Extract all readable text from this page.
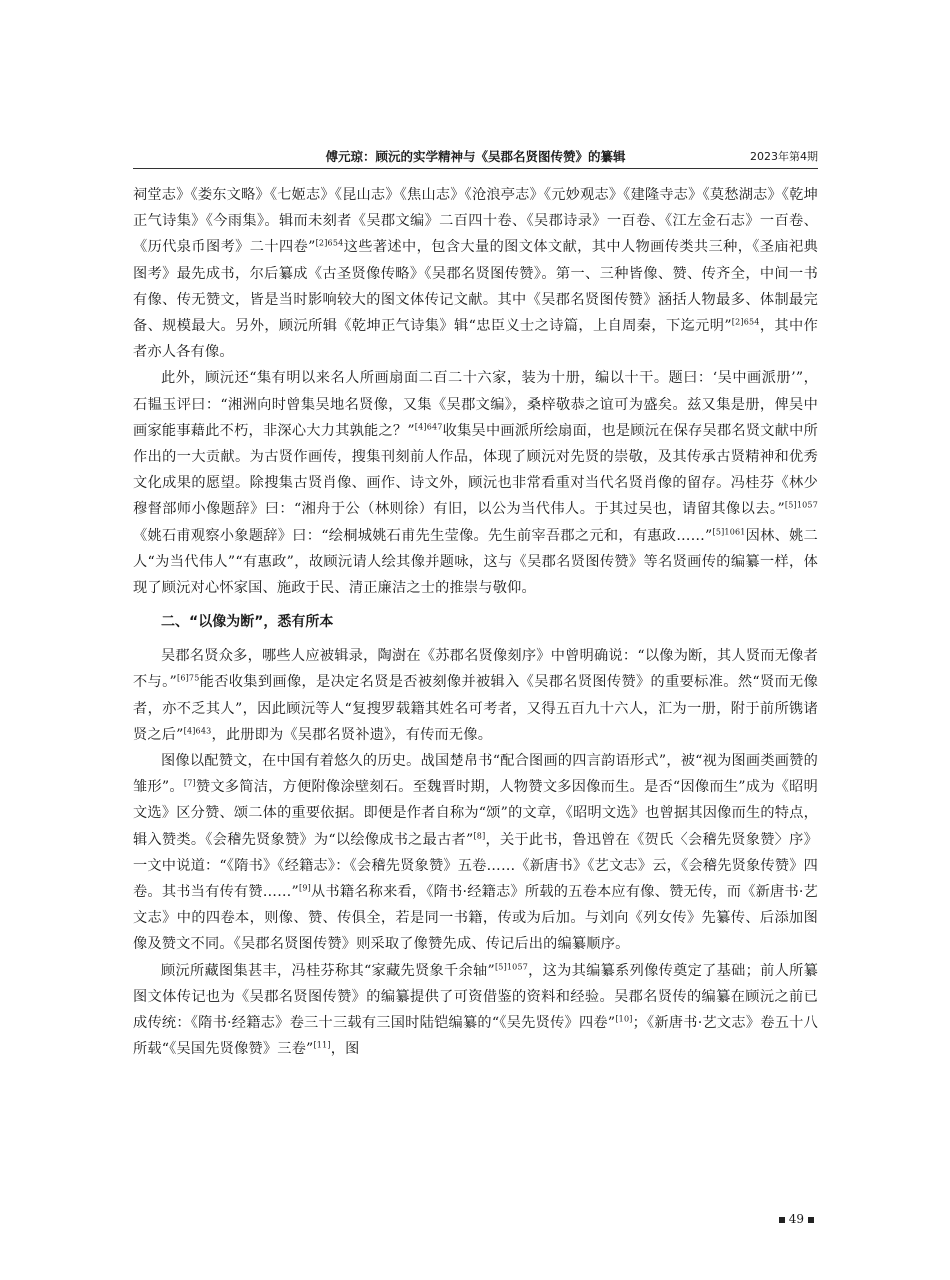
傅元琼：顾沅的实学精神与《吴郡名贤图传赞》的纂辑	2023年第4期

祠堂志》《娄东文略》《七姬志》《昆山志》《焦山志》《沧浪亭志》《元妙观志》《建隆寺志》《莫愁湖志》《乾坤正气诗集》《今雨集》。辑而未刻者《吴郡文编》二百四十卷、《吴郡诗录》一百卷、《江左金石志》一百卷、《历代泉币图考》二十四卷”$^{[2]654}$这些著述中，包含大量的图文体文献，其中人物画传类共三种，《圣庙祀典图考》最先成书，尔后纂成《古圣贤像传略》《吴郡名贤图传赞》。第一、三种皆像、赞、传齐全，中间一书有像、传无赞文，皆是当时影响较大的图文体传记文献。其中《吴郡名贤图传赞》涵括人物最多、体制最完备、规模最大。另外，顾沅所辑《乾坤正气诗集》辑“忠臣义士之诗篇，上自周秦，下迄元明”$^{[2]654}$，其中作者亦人各有像。

此外，顾沅还“集有明以来名人所画扇面二百二十六家，装为十册，编以十干。题曰：‘吴中画派册’”，石韫玉评曰：“湘洲向时曾集吴地名贤像，又集《吴郡文编》，桑梓敬恭之谊可为盛矣。兹又集是册，俾吴中画家能事藉此不朽，非深心大力其孰能之？”$^{[4]647}$收集吴中画派所绘扇面，也是顾沅在保存吴郡名贤文献中所作出的一大贡献。为古贤作画传，搜集刊刻前人作品，体现了顾沅对先贤的崇敬，及其传承古贤精神和优秀文化成果的愿望。除搜集古贤肖像、画作、诗文外，顾沅也非常看重对当代名贤肖像的留存。冯桂芬《林少穆督部师小像题辞》曰：“湘舟于公（林则徐）有旧，以公为当代伟人。于其过吴也，请留其像以去。”$^{[5]1057}$《姚石甫观察小象题辞》曰：“绘桐城姚石甫先生莹像。先生前宰吾郡之元和，有惠政……”$^{[5]1061}$因林、姚二人“为当代伟人”“有惠政”，故顾沅请人绘其像并题咏，这与《吴郡名贤图传赞》等名贤画传的编纂一样，体现了顾沅对心怀家国、施政于民、清正廉洁之士的推崇与敬仰。

二、“以像为断”，悉有所本

吴郡名贤众多，哪些人应被辑录，陶澍在《苏郡名贤像刻序》中曾明确说：“以像为断，其人贤而无像者不与。”$^{[6]75}$能否收集到画像，是决定名贤是否被刻像并被辑入《吴郡名贤图传赞》的重要标准。然“贤而无像者，亦不乏其人”，因此顾沅等人“复搜罗载籍其姓名可考者，又得五百九十六人，汇为一册，附于前所镌诸贤之后”$^{[4]643}$，此册即为《吴郡名贤补遗》，有传而无像。

图像以配赞文，在中国有着悠久的历史。战国楚帛书“配合图画的四言韵语形式”，被“视为图画类画赞的雏形”。[7]赞文多简洁，方便附像涂壁刻石。至魏晋时期，人物赞文多因像而生。是否“因像而生”成为《昭明文选》区分赞、颂二体的重要依据。即便是作者自称为“颂”的文章，《昭明文选》也曾据其因像而生的特点，辑入赞类。《会稽先贤象赞》为“以绘像成书之最古者”[8]，关于此书，鲁迅曾在《贺氏〈会稽先贤象赞〉序》一文中说道：“《隋书》《经籍志》：《会稽先贤象赞》五卷……《新唐书》《艺文志》云，《会稽先贤象传赞》四卷。其书当有传有赞……”[9]从书籍名称来看，《隋书·经籍志》所载的五卷本应有像、赞无传，而《新唐书·艺文志》中的四卷本，则像、赞、传俱全，若是同一书籍，传或为后加。与刘向《列女传》先纂传、后添加图像及赞文不同。《吴郡名贤图传赞》则采取了像赞先成、传记后出的编纂顺序。

顾沅所藏图集甚丰，冯桂芬称其“家藏先贤象千余轴”$^{[5]1057}$，这为其编纂系列像传奠定了基础；前人所纂图文体传记也为《吴郡名贤图传赞》的编纂提供了可资借鉴的资料和经验。吴郡名贤传的编纂在顾沅之前已成传统：《隋书·经籍志》卷三十三载有三国时陆铠编纂的“《吴先贤传》四卷”[10]；《新唐书·艺文志》卷五十八所载“《吴国先贤像赞》三卷”[11]，图

49
